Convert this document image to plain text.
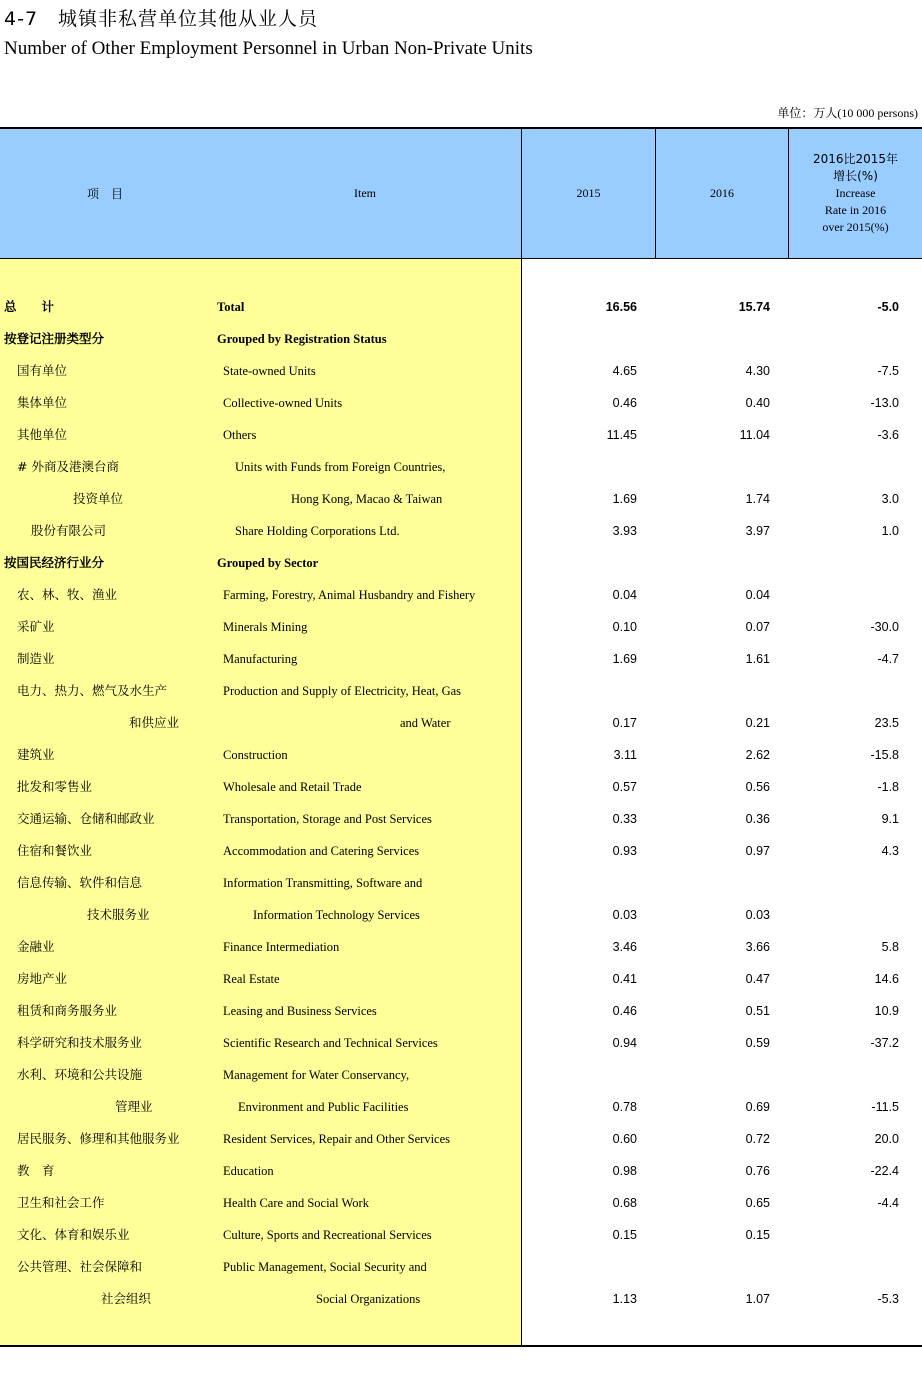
4-7　城镇非私营单位其他从业人员
Number of Other Employment Personnel in Urban Non-Private Units
单位：万人(10 000 persons)
项　目	Item	2015	2016
2016比2015年
增长(%)
Increase
Rate in 2016
over 2015(%)
总　　计	Total	16.56	15.74	-5.0
按登记注册类型分	Grouped by Registration Status
国有单位	State-owned Units	4.65	4.30	-7.5
集体单位	Collective-owned Units	0.46	0.40	-13.0
其他单位	Others	11.45	11.04	-3.6
# 外商及港澳台商	Units with Funds from Foreign Countries,
投资单位	Hong Kong, Macao & Taiwan	1.69	1.74	3.0
股份有限公司	Share Holding Corporations Ltd.	3.93	3.97	1.0
按国民经济行业分	Grouped by Sector
农、林、牧、渔业	Farming, Forestry, Animal Husbandry and Fishery	0.04	0.04
采矿业	Minerals Mining	0.10	0.07	-30.0
制造业	Manufacturing	1.69	1.61	-4.7
电力、热力、燃气及水生产	Production and Supply of Electricity, Heat, Gas
和供应业	and Water	0.17	0.21	23.5
建筑业	Construction	3.11	2.62	-15.8
批发和零售业	Wholesale and Retail Trade	0.57	0.56	-1.8
交通运输、仓储和邮政业	Transportation, Storage and Post Services	0.33	0.36	9.1
住宿和餐饮业	Accommodation and Catering Services	0.93	0.97	4.3
信息传输、软件和信息	Information Transmitting, Software and
技术服务业	Information Technology Services	0.03	0.03
金融业	Finance Intermediation	3.46	3.66	5.8
房地产业	Real Estate	0.41	0.47	14.6
租赁和商务服务业	Leasing and Business Services	0.46	0.51	10.9
科学研究和技术服务业	Scientific Research and Technical Services	0.94	0.59	-37.2
水利、环境和公共设施	Management for Water Conservancy,
管理业	Environment and Public Facilities	0.78	0.69	-11.5
居民服务、修理和其他服务业	Resident Services, Repair and Other Services	0.60	0.72	20.0
教　育	Education	0.98	0.76	-22.4
卫生和社会工作	Health Care and Social Work	0.68	0.65	-4.4
文化、体育和娱乐业	Culture, Sports and Recreational Services	0.15	0.15
公共管理、社会保障和	Public Management, Social Security and
社会组织	Social Organizations	1.13	1.07	-5.3
